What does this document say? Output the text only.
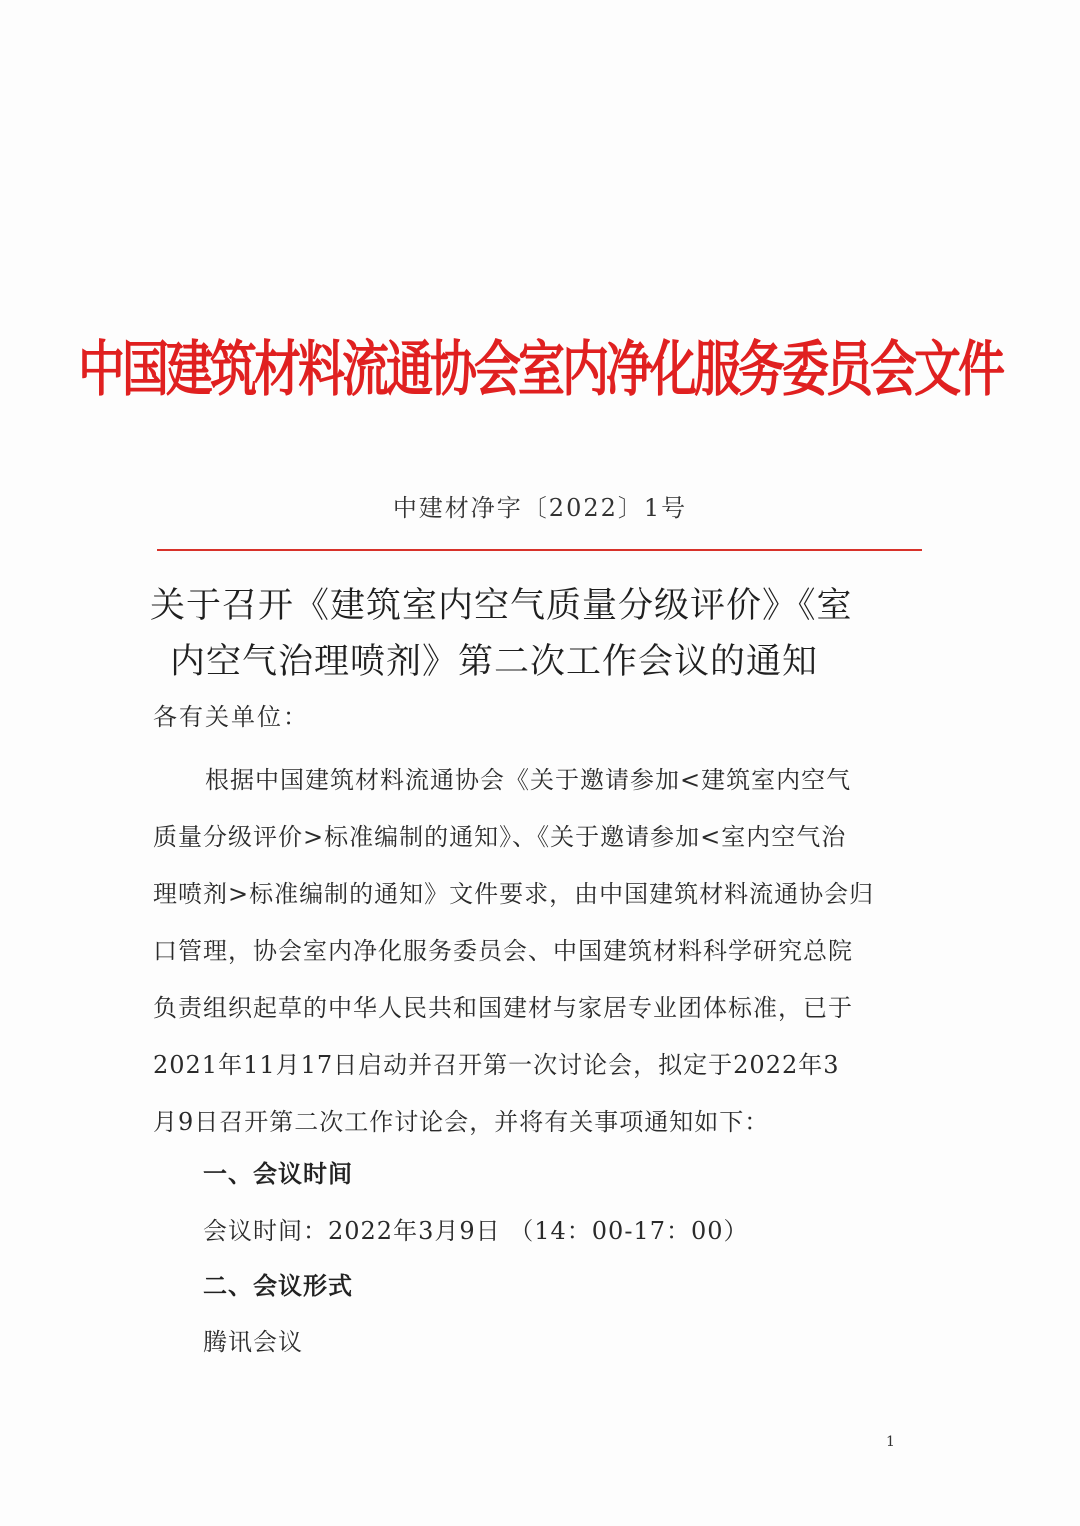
中国建筑材料流通协会室内净化服务委员会文件
中建材净字〔2022〕1号
关于召开《建筑室内空气质量分级评价》《室
内空气治理喷剂》第二次工作会议的通知
各有关单位：
根据中国建筑材料流通协会《关于邀请参加<建筑室内空气
质量分级评价>标准编制的通知》、《关于邀请参加<室内空气治
理喷剂>标准编制的通知》文件要求，由中国建筑材料流通协会归
口管理，协会室内净化服务委员会、中国建筑材料科学研究总院
负责组织起草的中华人民共和国建材与家居专业团体标准，已于
2021年11月17日启动并召开第一次讨论会，拟定于2022年3
月9日召开第二次工作讨论会，并将有关事项通知如下：
一、会议时间
会议时间：2022年3月9日 （14：00-17：00）
二、会议形式
腾讯会议
1
